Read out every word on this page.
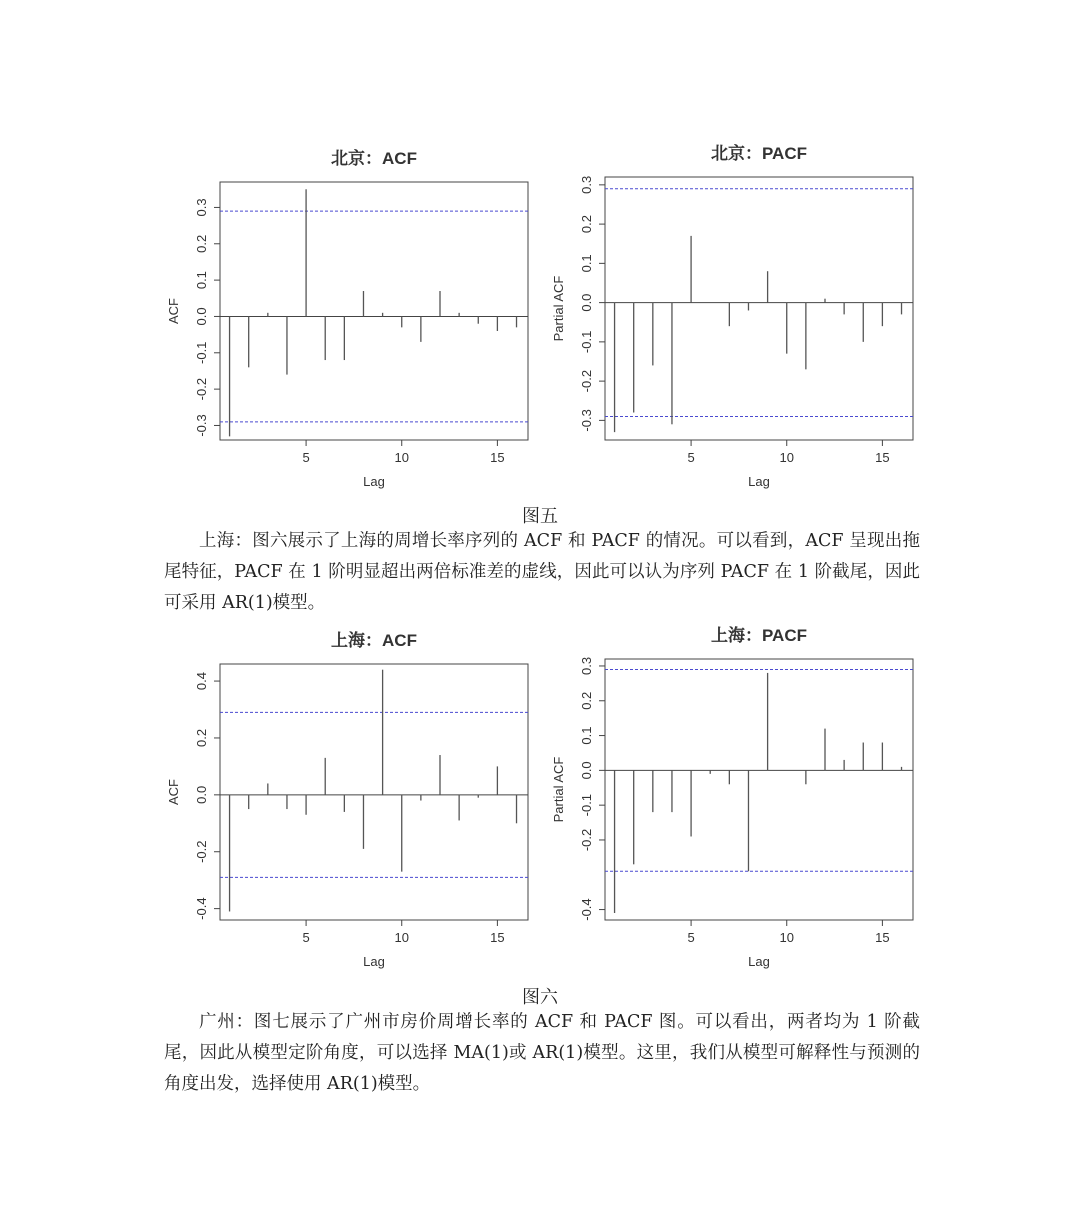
北京：ACF
5	10	15
-0.3
-0.2
-0.1
0.0
0.1
0.2
0.3
Lag
ACF
北京：PACF
5	10	15
-0.3
-0.2
-0.1
0.0
0.1
0.2
0.3
Lag
Partial ACF
图五
上海：图六展示了上海的周增长率序列的 ACF 和 PACF 的情况。可以看到，ACF 呈现出拖尾特征，PACF 在 1 阶明显超出两倍标准差的虚线，因此可以认为序列 PACF 在 1 阶截尾，因此可采用 AR(1)模型。
上海：ACF
5	10	15
-0.4
-0.2
0.0
0.2
0.4
Lag
ACF
上海：PACF
5	10	15
-0.4
-0.2
-0.1
0.0
0.1
0.2
0.3
Lag
Partial ACF
图六
广州：图七展示了广州市房价周增长率的 ACF 和 PACF 图。可以看出，两者均为 1 阶截尾，因此从模型定阶角度，可以选择 MA(1)或 AR(1)模型。这里，我们从模型可解释性与预测的角度出发，选择使用 AR(1)模型。
